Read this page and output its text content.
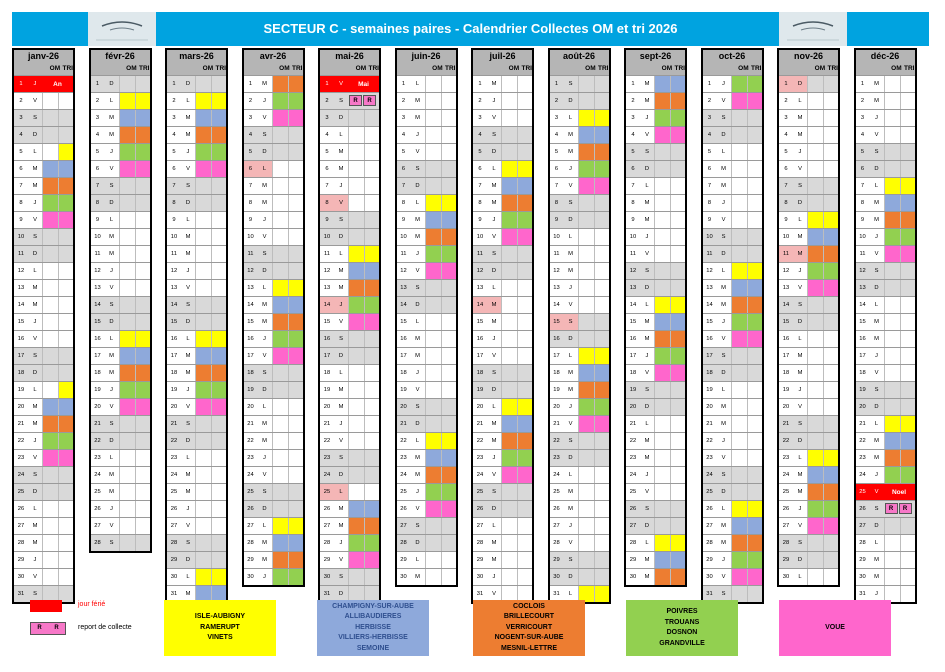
SECTEUR C - semaines paires - Calendrier Collectes OM et tri 2026
janv-26
OM TRI
1	J	An
2	V
3	S
4	D
5	L
6	M
7	M
8	J
9	V
10	S
11	D
12	L
13	M
14	M
15	J
16	V
17	S
18	D
19	L
20	M
21	M
22	J
23	V
24	S
25	D
26	L
27	M
28	M
29	J
30	V
31	S
févr-26
OM TRI
1	D
2	L
3	M
4	M
5	J
6	V
7	S
8	D
9	L
10	M
11	M
12	J
13	V
14	S
15	D
16	L
17	M
18	M
19	J
20	V
21	S
22	D
23	L
24	M
25	M
26	J
27	V
28	S
mars-26
OM TRI
1	D
2	L
3	M
4	M
5	J
6	V
7	S
8	D
9	L
10	M
11	M
12	J
13	V
14	S
15	D
16	L
17	M
18	M
19	J
20	V
21	S
22	D
23	L
24	M
25	M
26	J
27	V
28	S
29	D
30	L
31	M
avr-26
OM TRI
1	M
2	J
3	V
4	S
5	D
6	L
7	M
8	M
9	J
10	V
11	S
12	D
13	L
14	M
15	M
16	J
17	V
18	S
19	D
20	L
21	M
22	M
23	J
24	V
25	S
26	D
27	L
28	M
29	M
30	J
mai-26
OM TRI
1	V	Mai
2	S	R R
3	D
4	L
5	M
6	M
7	J
8	V
9	S
10	D
11	L
12	M
13	M
14	J
15	V
16	S
17	D
18	L
19	M
20	M
21	J
22	V
23	S
24	D
25	L
26	M
27	M
28	J
29	V
30	S
31	D
juin-26
OM TRI
1	L
2	M
3	M
4	J
5	V
6	S
7	D
8	L
9	M
10	M
11	J
12	V
13	S
14	D
15	L
16	M
17	M
18	J
19	V
20	S
21	D
22	L
23	M
24	M
25	J
26	V
27	S
28	D
29	L
30	M
juil-26
OM TRI
1	M
2	J
3	V
4	S
5	D
6	L
7	M
8	M
9	J
10	V
11	S
12	D
13	L
14	M
15	M
16	J
17	V
18	S
19	D
20	L
21	M
22	M
23	J
24	V
25	S
26	D
27	L
28	M
29	M
30	J
31	V
août-26
OM TRI
1	S
2	D
3	L
4	M
5	M
6	J
7	V
8	S
9	D
10	L
11	M
12	M
13	J
14	V
15	S
16	D
17	L
18	M
19	M
20	J
21	V
22	S
23	D
24	L
25	M
26	M
27	J
28	V
29	S
30	D
31	L
sept-26
OM TRI
1	M
2	M
3	J
4	V
5	S
6	D
7	L
8	M
9	M
10	J
11	V
12	S
13	D
14	L
15	M
16	M
17	J
18	V
19	S
20	D
21	L
22	M
23	M
24	J
25	V
26	S
27	D
28	L
29	M
30	M
oct-26
OM TRI
1	J
2	V
3	S
4	D
5	L
6	M
7	M
8	J
9	V
10	S
11	D
12	L
13	M
14	M
15	J
16	V
17	S
18	D
19	L
20	M
21	M
22	J
23	V
24	S
25	D
26	L
27	M
28	M
29	J
30	V
31	S
nov-26
OM TRI
1	D
2	L
3	M
4	M
5	J
6	V
7	S
8	D
9	L
10	M
11	M
12	J
13	V
14	S
15	D
16	L
17	M
18	M
19	J
20	V
21	S
22	D
23	L
24	M
25	M
26	J
27	V
28	S
29	D
30	L
déc-26
OM TRI
1	M
2	M
3	J
4	V
5	S
6	D
7	L
8	M
9	M
10	J
11	V
12	S
13	D
14	L
15	M
16	M
17	J
18	V
19	S
20	D
21	L
22	M
23	M
24	J
25	V	Noel
26	S	R R
27	D
28	L
29	M
30	M
31	J
jour férié
R	R	report de collecte
ISLE-AUBIGNY
RAMERUPT
VINETS
CHAMPIGNY-SUR-AUBE
ALLIBAUDIERES
HERBISSE
VILLIERS-HERBISSE
SEMOINE
COCLOIS
BRILLECOURT
VERRICOURT
NOGENT-SUR-AUBE
MESNIL-LETTRE
POIVRES
TROUANS
DOSNON
GRANDVILLE
VOUE
